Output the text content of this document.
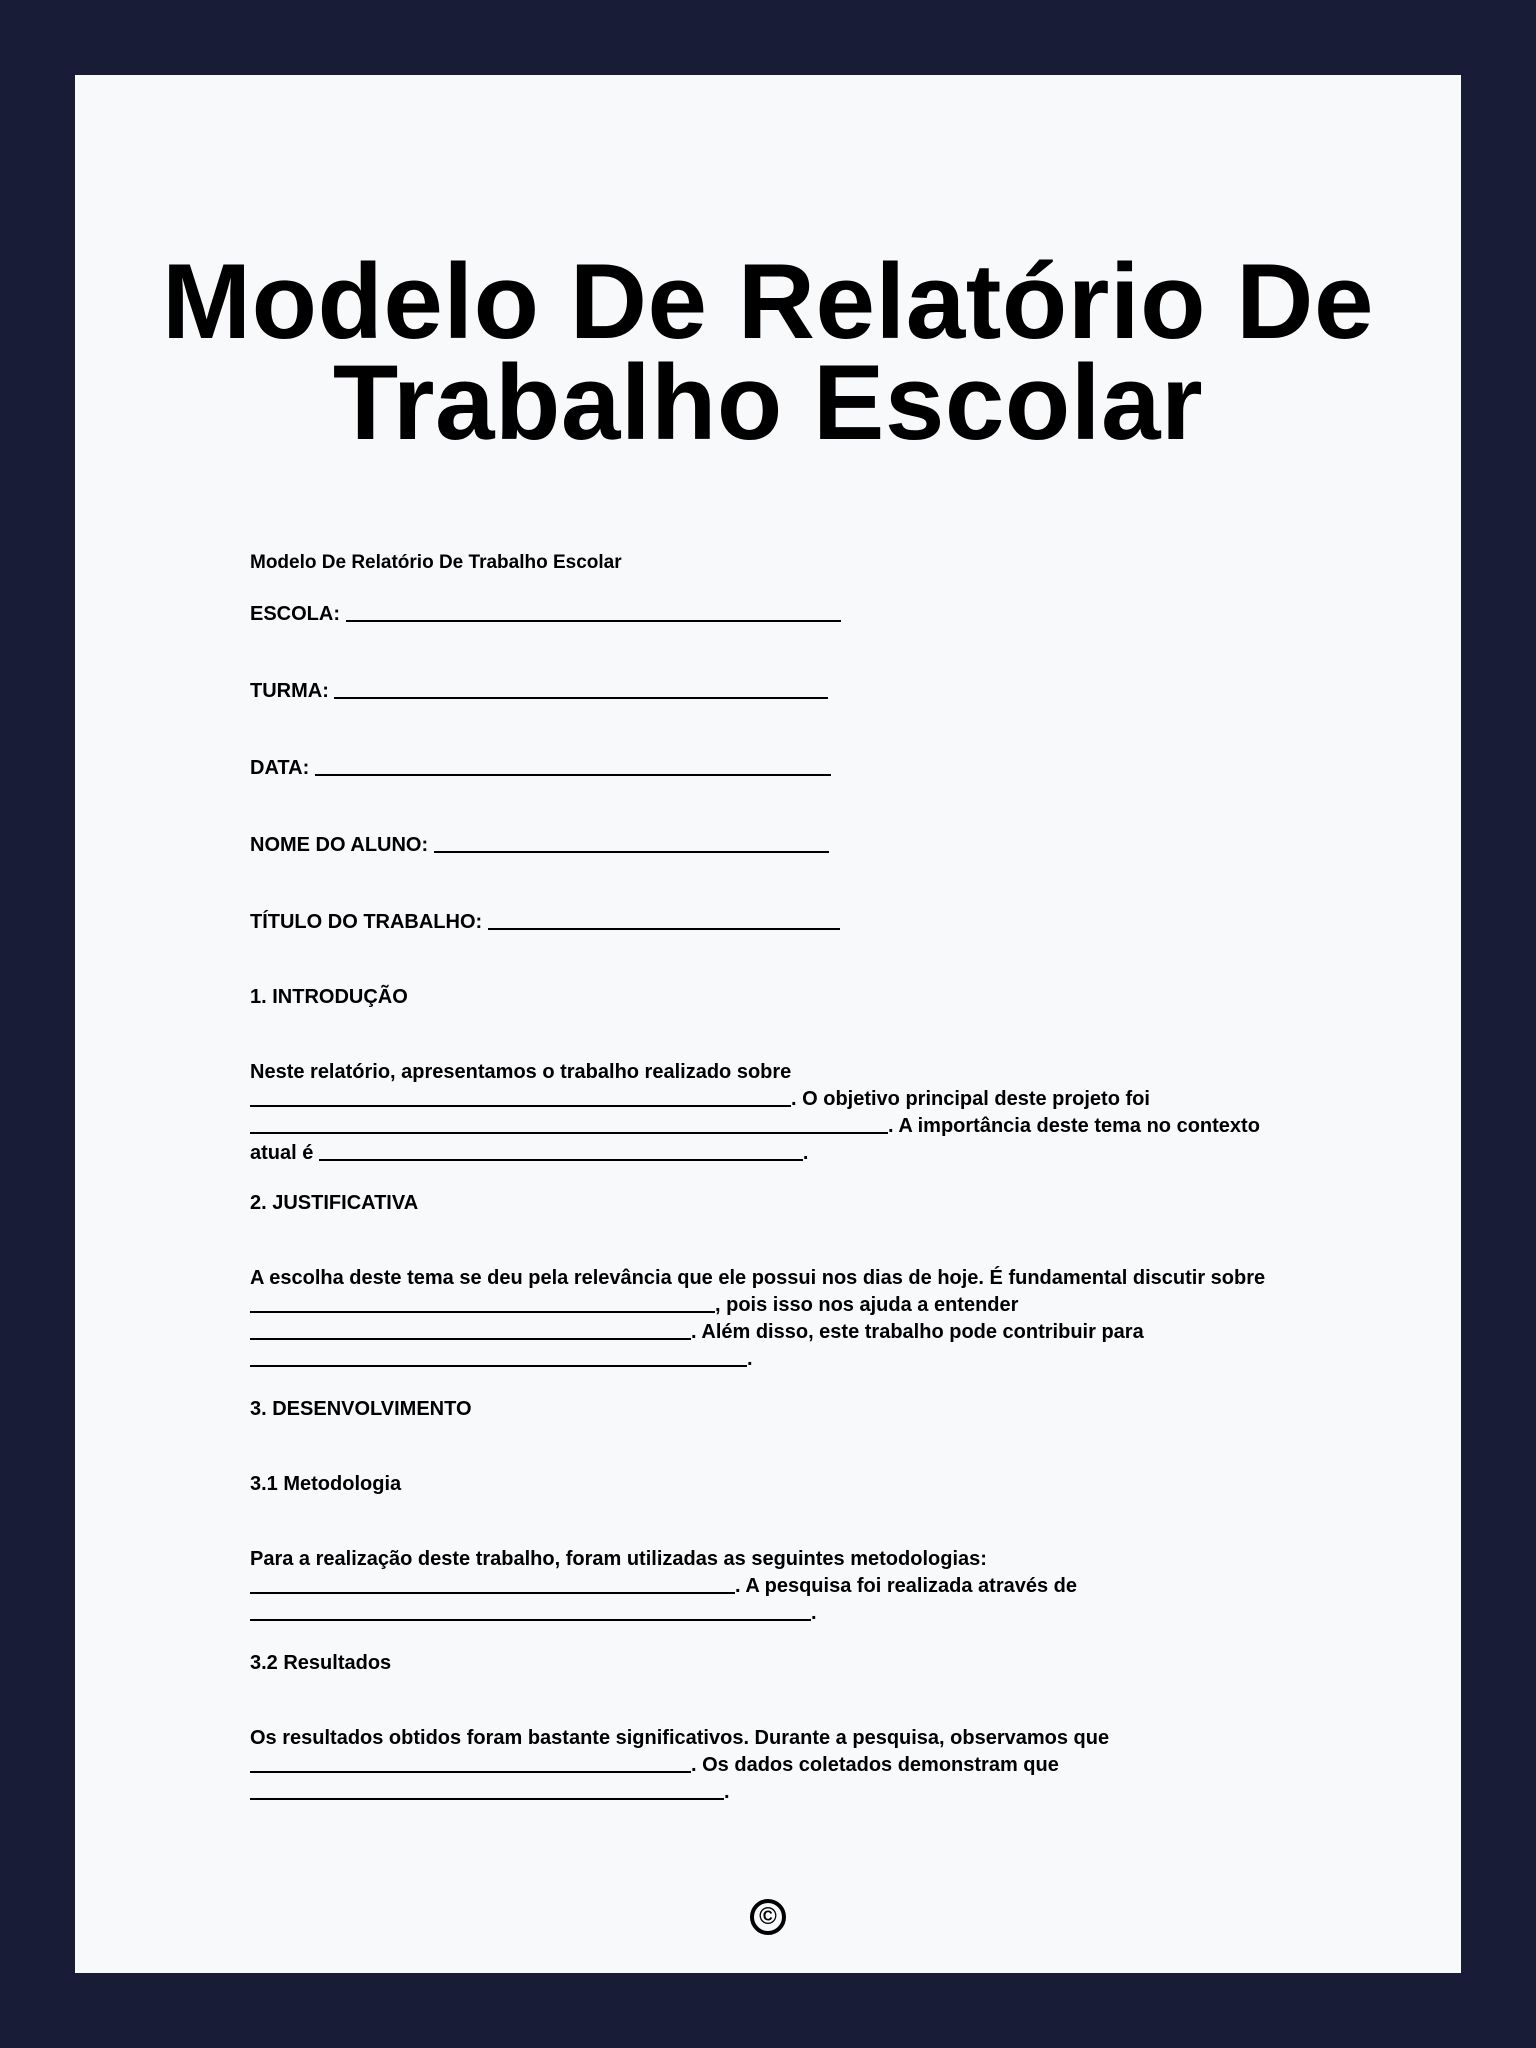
Modelo De Relatório De
Trabalho Escolar

Modelo De Relatório De Trabalho Escolar

ESCOLA:

TURMA:

DATA:

NOME DO ALUNO:

TÍTULO DO TRABALHO:

1. INTRODUÇÃO

Neste relatório, apresentamos o trabalho realizado sobre
. O objetivo principal deste projeto foi
. A importância deste tema no contexto
atual é	.

2. JUSTIFICATIVA

A escolha deste tema se deu pela relevância que ele possui nos dias de hoje. É fundamental discutir sobre
, pois isso nos ajuda a entender
. Além disso, este trabalho pode contribuir para
.

3. DESENVOLVIMENTO

3.1 Metodologia

Para a realização deste trabalho, foram utilizadas as seguintes metodologias:
. A pesquisa foi realizada através de
.

3.2 Resultados

Os resultados obtidos foram bastante significativos. Durante a pesquisa, observamos que
. Os dados coletados demonstram que
.
©
